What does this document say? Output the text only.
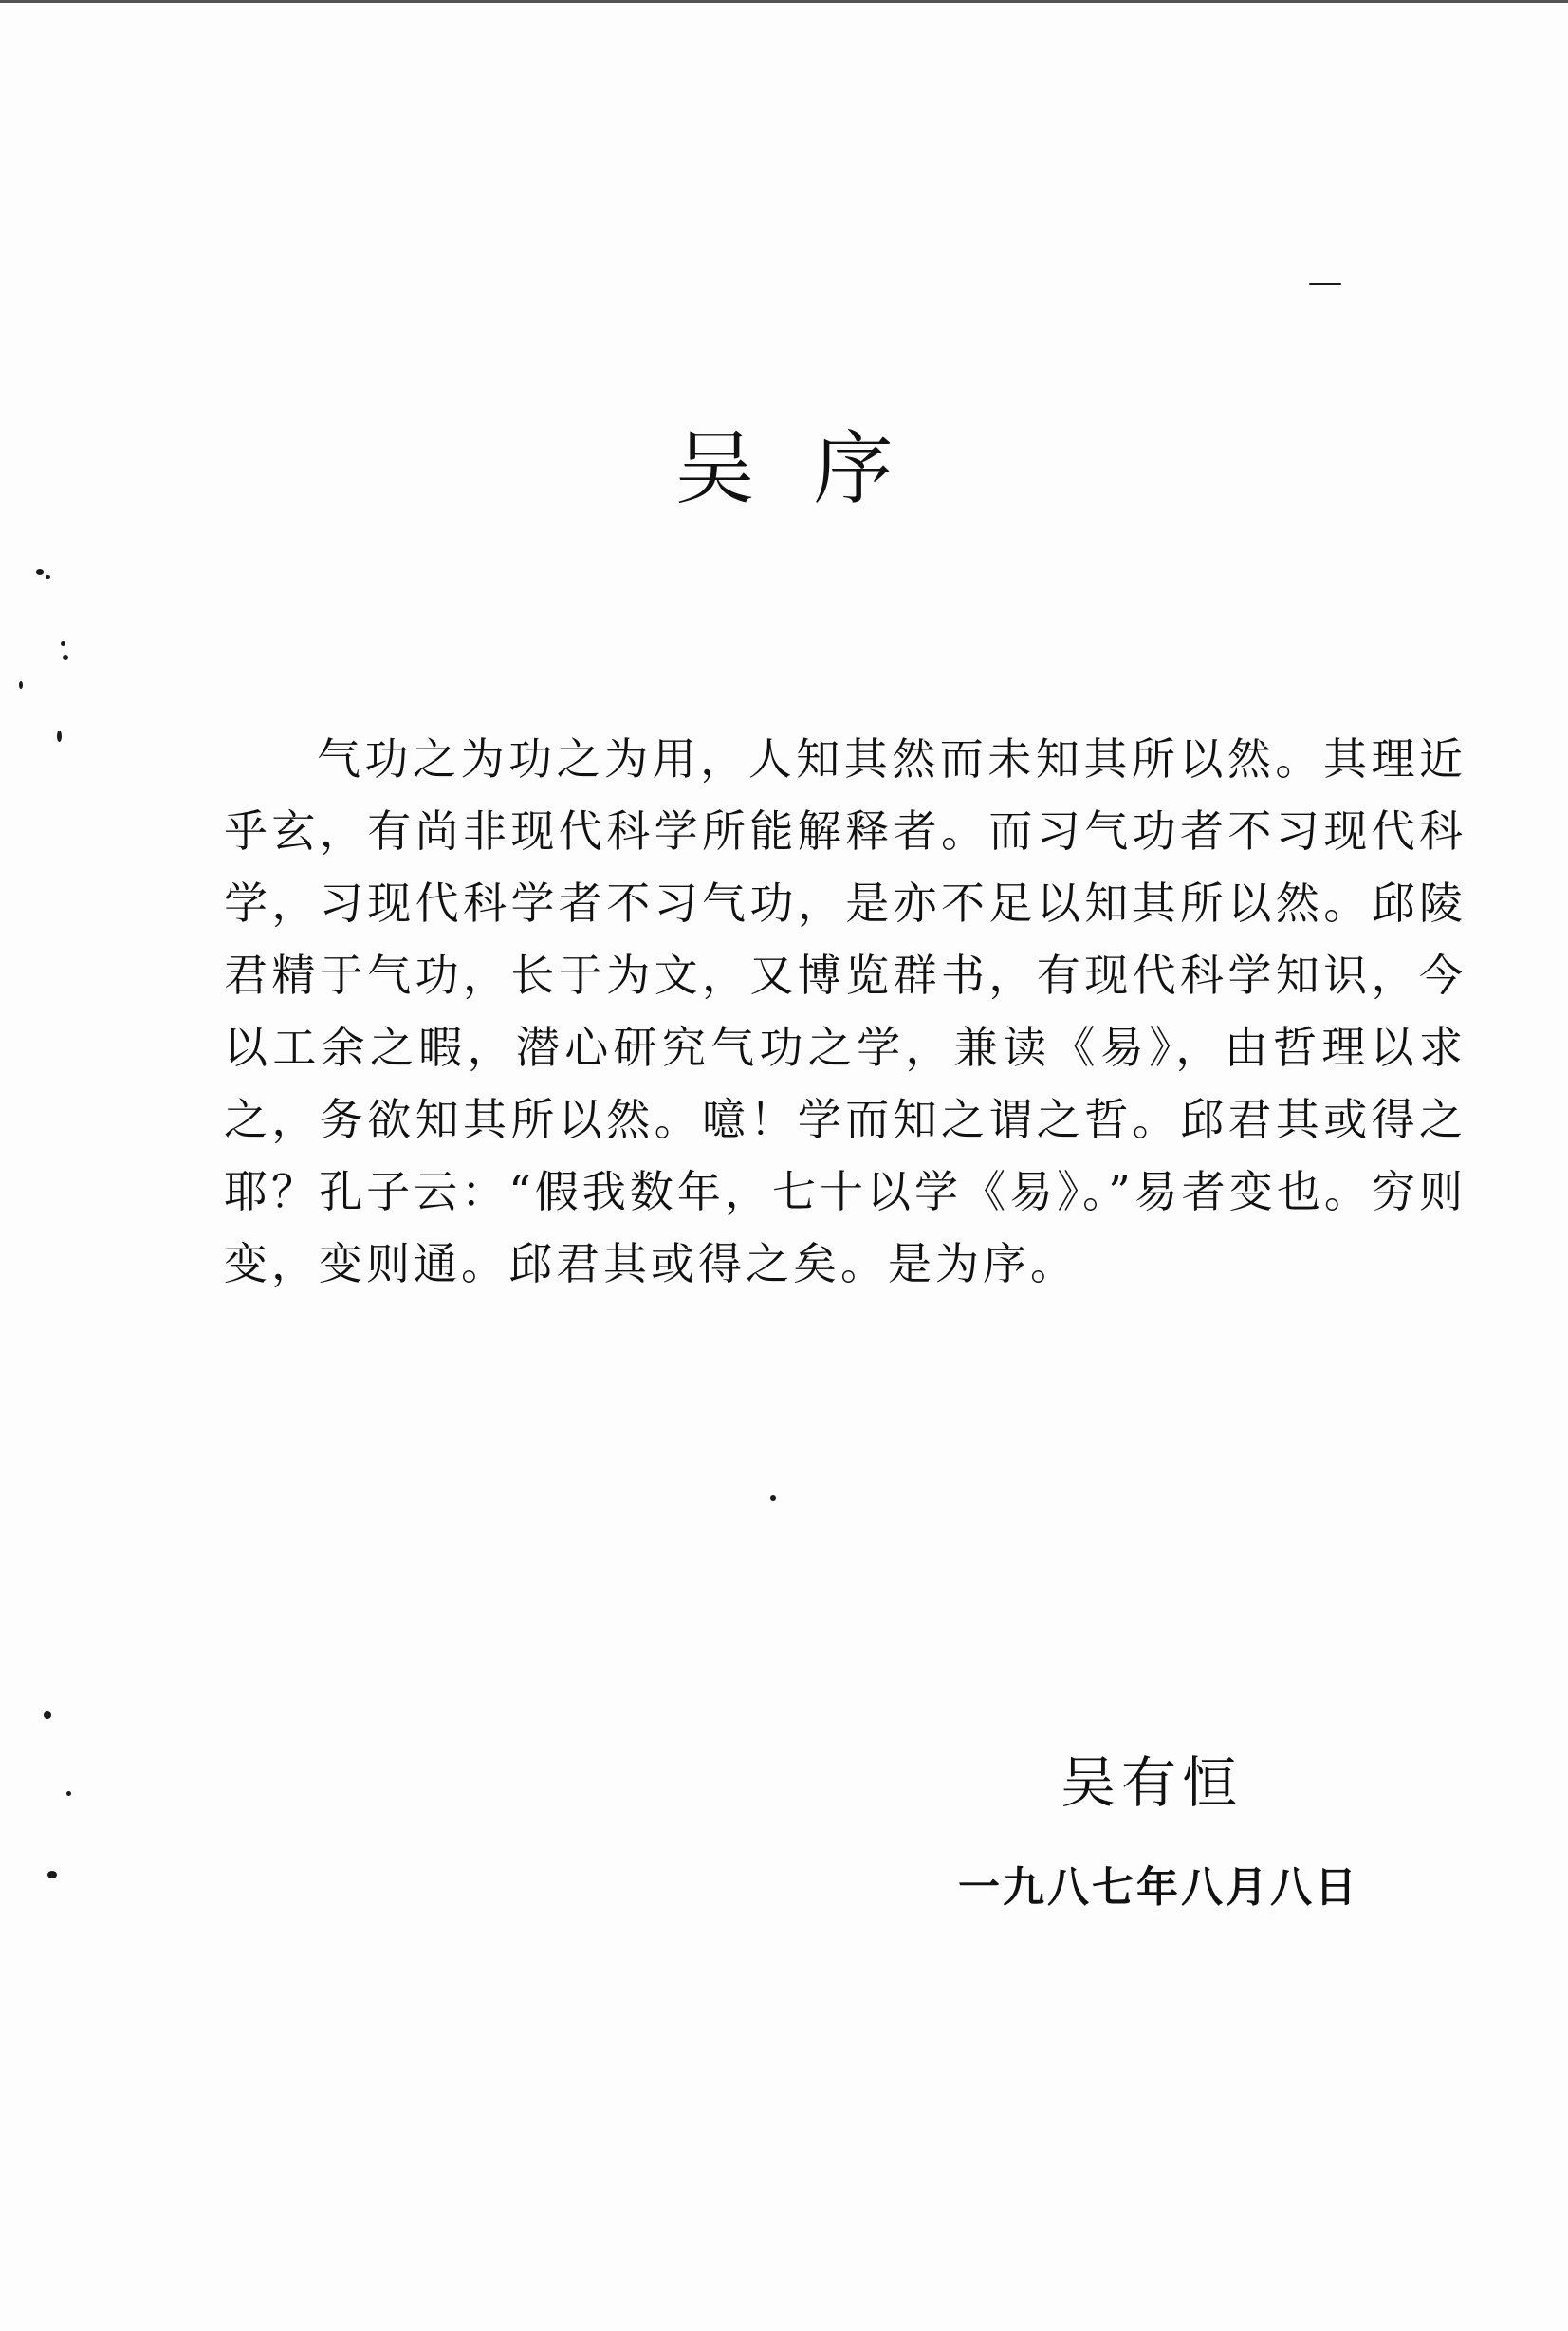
吴序

气功之为功之为用，人知其然而未知其所以然。其理近乎玄，有尚非现代科学所能解释者。而习气功者不习现代科学，习现代科学者不习气功，是亦不足以知其所以然。邱陵君精于气功，长于为文，又博览群书，有现代科学知识，今以工余之暇，潜心研究气功之学，兼读《易》，由哲理以求之，务欲知其所以然。噫！学而知之谓之哲。邱君其或得之耶？孔子云：“假我数年，七十以学《易》。”易者变也。穷则变，变则通。邱君其或得之矣。是为序。

吴有恒
一九八七年八月八日
